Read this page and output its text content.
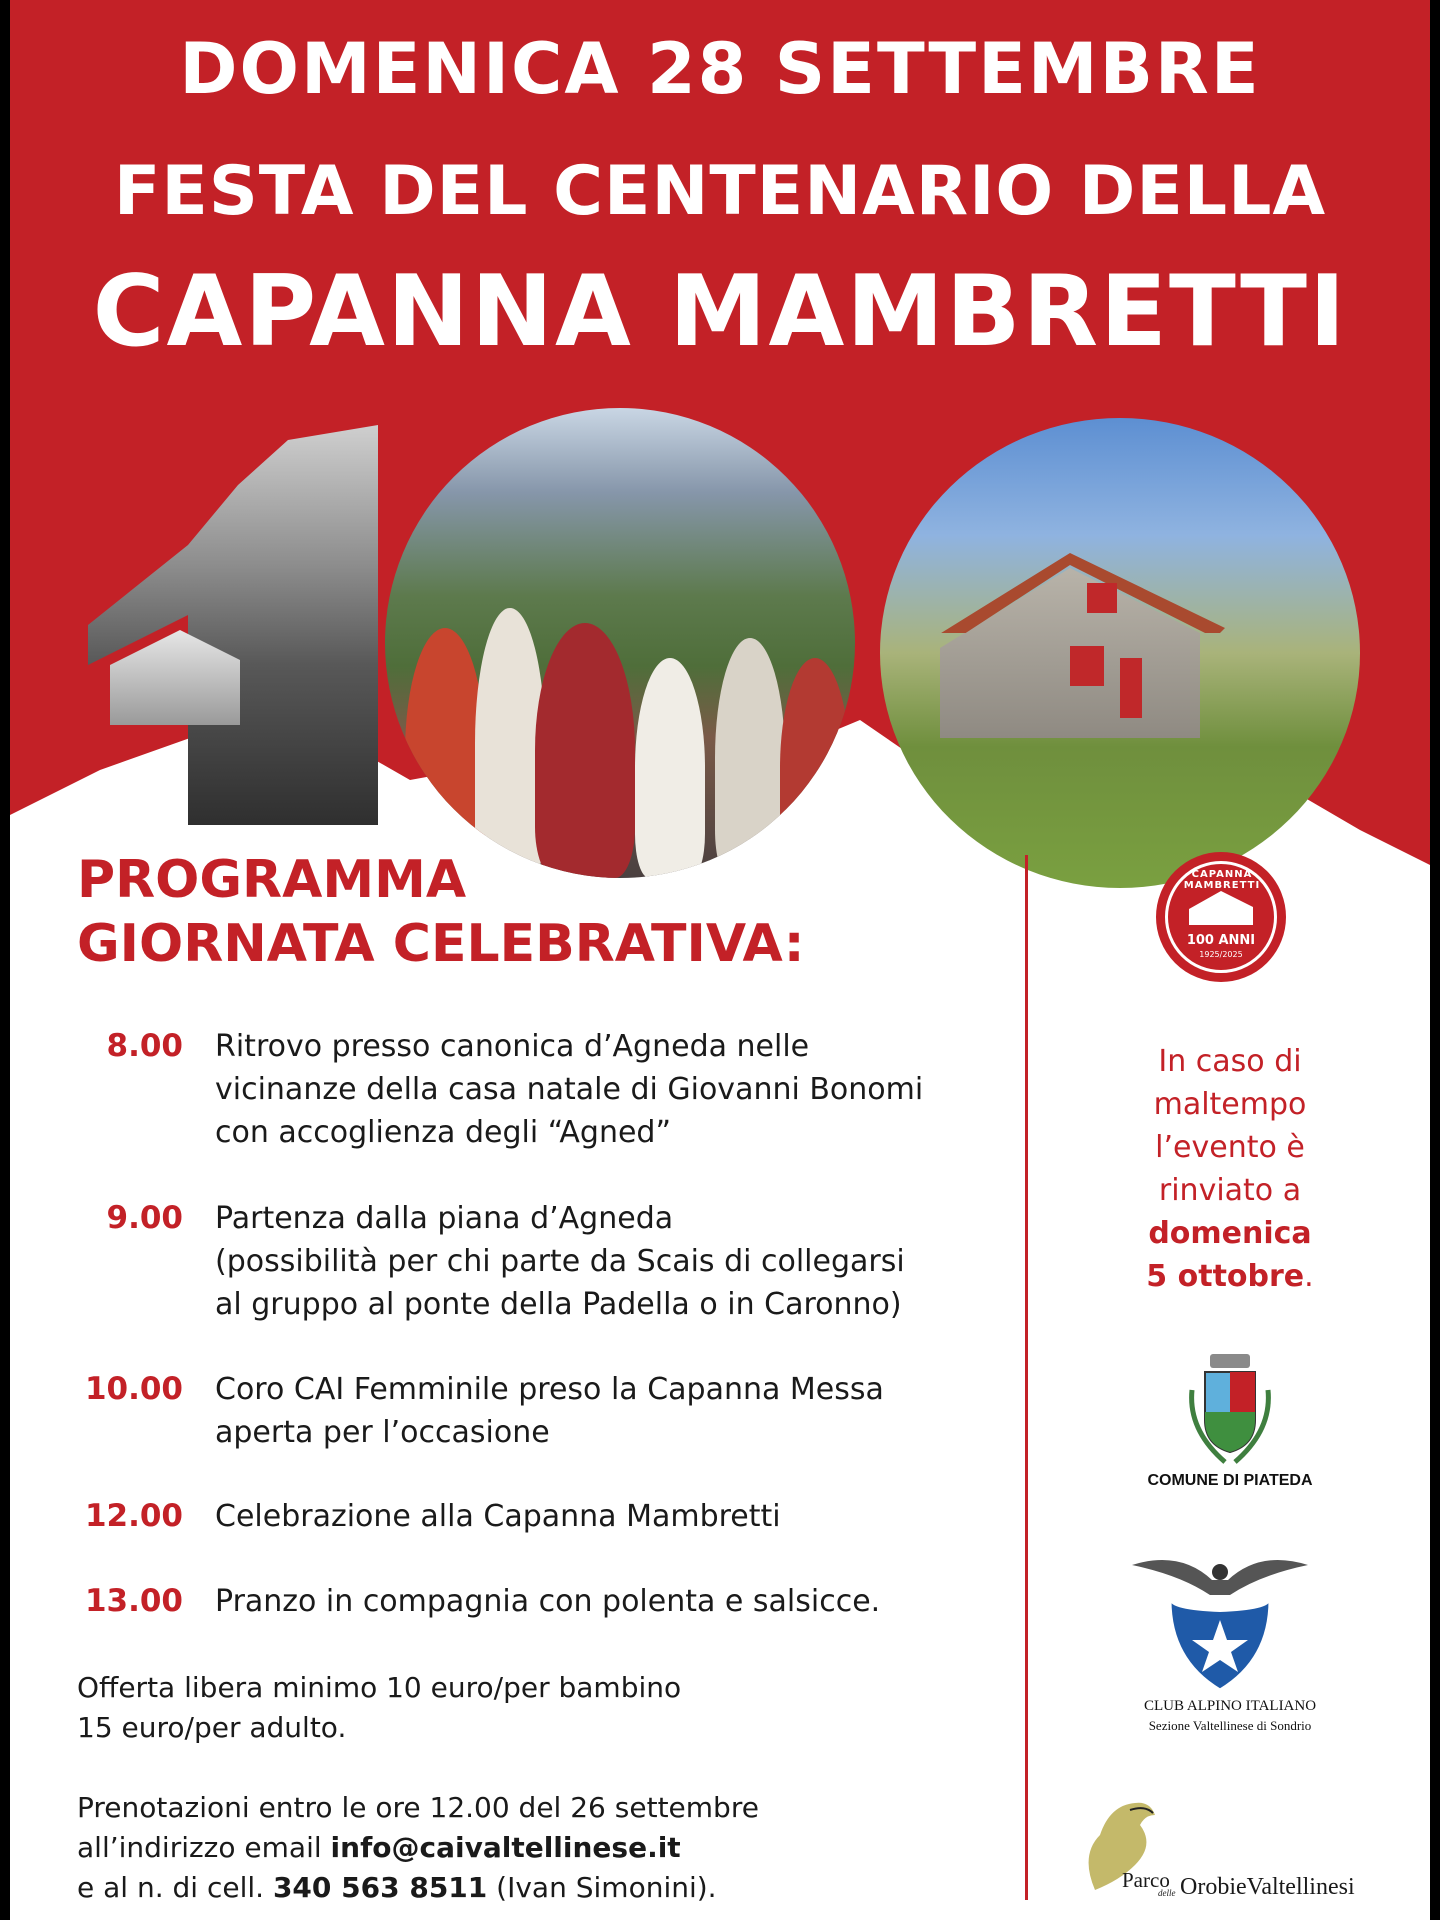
DOMENICA 28 SETTEMBRE
FESTA DEL CENTENARIO DELLA
CAPANNA MAMBRETTI
PROGRAMMA
GIORNATA CELEBRATIVA:
8.00 Ritrovo presso canonica d’Agneda nelle
vicinanze della casa natale di Giovanni Bonomi
con accoglienza degli “Agned”
9.00 Partenza dalla piana d’Agneda
(possibilità per chi parte da Scais di collegarsi
al gruppo al ponte della Padella o in Caronno)
10.00 Coro CAI Femminile preso la Capanna Messa
aperta per l’occasione
12.00 Celebrazione alla Capanna Mambretti
13.00 Pranzo in compagnia con polenta e salsicce.
Offerta libera minimo 10 euro/per bambino
15 euro/per adulto.
Prenotazioni entro le ore 12.00 del 26 settembre
all’indirizzo email info@caivaltellinese.it
e al n. di cell. 340 563 8511 (Ivan Simonini).
CAPANNA MAMBRETTI
100 ANNI
1925/2025
In caso di
maltempo
l’evento è
rinviato a
domenica
5 ottobre.
COMUNE DI PIATEDA
CLUB ALPINO ITALIANO
Sezione Valtellinese di Sondrio
Parco
delle OrobieValtellinesi
